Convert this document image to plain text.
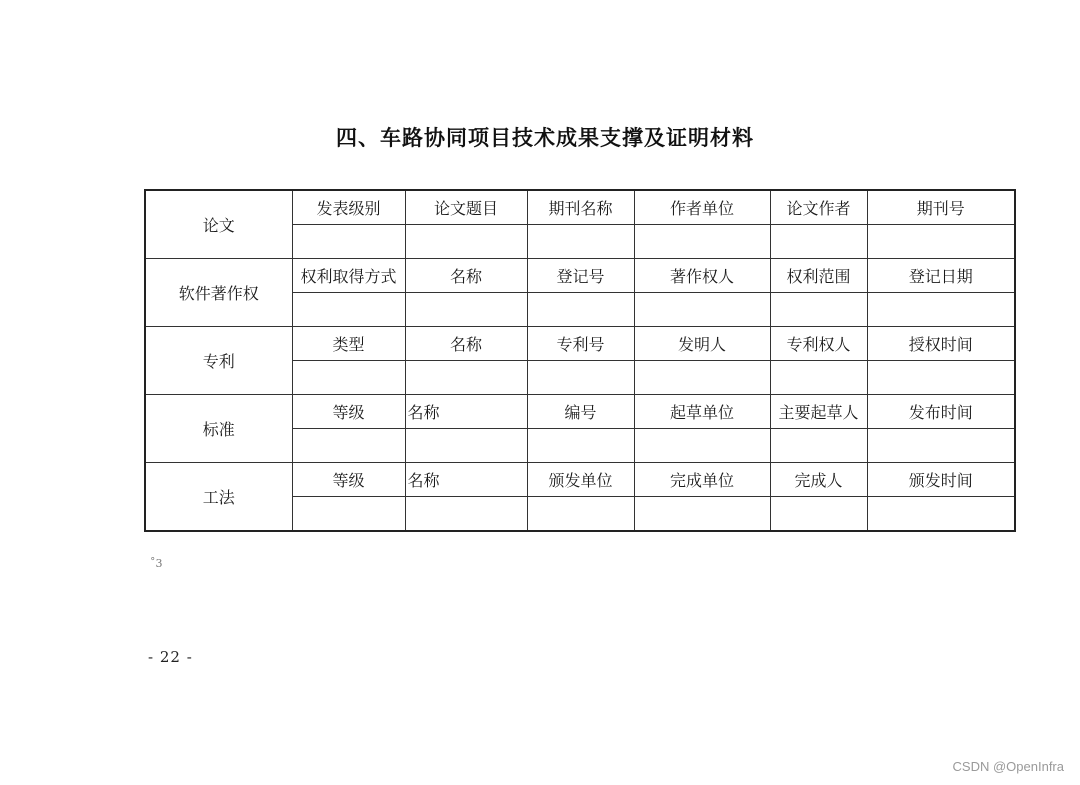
四、车路协同项目技术成果支撑及证明材料
论文	发表级别	论文题目	期刊名称	作者单位	论文作者	期刊号

软件著作权	权利取得方式	名称	登记号	著作权人	权利范围	登记日期

专利	类型	名称	专利号	发明人	专利权人	授权时间

标准	等级	名称	编号	起草单位	主要起草人	发布时间

工法	等级	名称	颁发单位	完成单位	完成人	颁发时间

˚3
- 22 -
CSDN @OpenInfra
